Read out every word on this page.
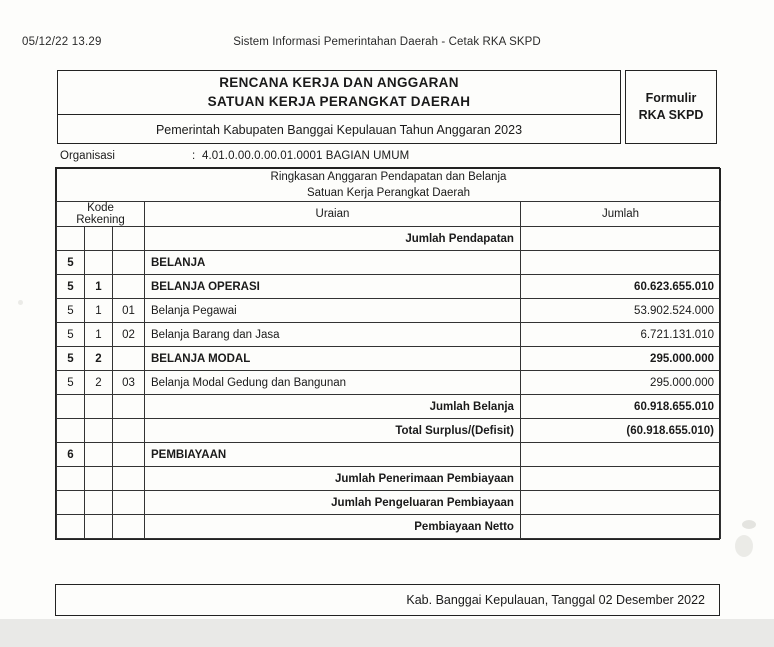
05/12/22 13.29	Sistem Informasi Pemerintahan Daerah - Cetak RKA SKPD
RENCANA KERJA DAN ANGGARAN
SATUAN KERJA PERANGKAT DAERAH
Pemerintah Kabupaten Banggai Kepulauan Tahun Anggaran 2023
Formulir
RKA SKPD
Organisasi	: 4.01.0.00.0.00.01.0001 BAGIAN UMUM
Ringkasan Anggaran Pendapatan dan Belanja
Satuan Kerja Perangkat Daerah				

Kode
Rekening			Uraian	Jumlah
			Jumlah Pendapatan	
5			BELANJA	
5	1		BELANJA OPERASI	60.623.655.010
5	1	01	Belanja Pegawai	53.902.524.000
5	1	02	Belanja Barang dan Jasa	6.721.131.010
5	2		BELANJA MODAL	295.000.000
5	2	03	Belanja Modal Gedung dan Bangunan	295.000.000
			Jumlah Belanja	60.918.655.010
			Total Surplus/(Defisit)	(60.918.655.010)
6			PEMBIAYAAN	
			Jumlah Penerimaan Pembiayaan	
			Jumlah Pengeluaran Pembiayaan	
			Pembiayaan Netto	
Kab. Banggai Kepulauan, Tanggal 02 Desember 2022
